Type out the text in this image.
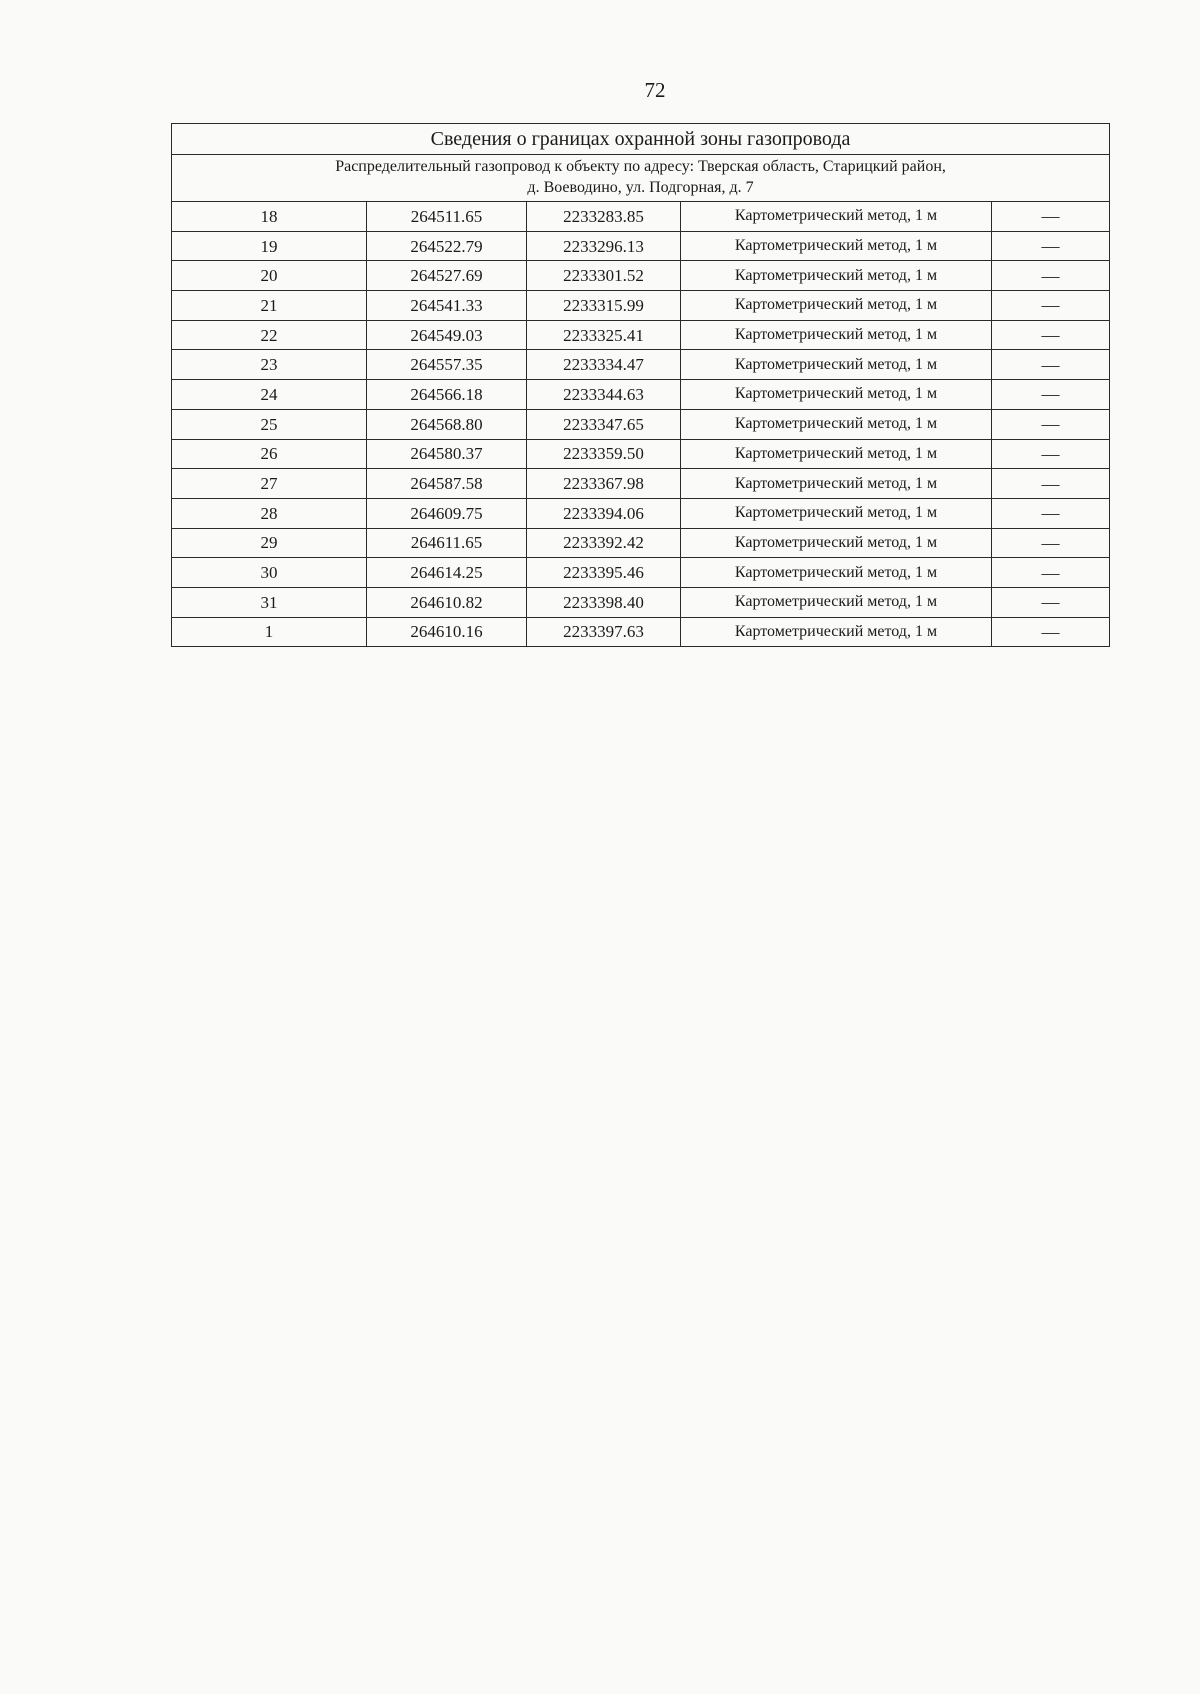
72
Сведения о границах охранной зоны газопровода				

Распределительный газопровод к объекту по адресу: Тверская область, Старицкий район,
д. Воеводино, ул. Подгорная, д. 7				

18	264511.65	2233283.85	Картометрический метод, 1 м	—
19	264522.79	2233296.13	Картометрический метод, 1 м	—
20	264527.69	2233301.52	Картометрический метод, 1 м	—
21	264541.33	2233315.99	Картометрический метод, 1 м	—
22	264549.03	2233325.41	Картометрический метод, 1 м	—
23	264557.35	2233334.47	Картометрический метод, 1 м	—
24	264566.18	2233344.63	Картометрический метод, 1 м	—
25	264568.80	2233347.65	Картометрический метод, 1 м	—
26	264580.37	2233359.50	Картометрический метод, 1 м	—
27	264587.58	2233367.98	Картометрический метод, 1 м	—
28	264609.75	2233394.06	Картометрический метод, 1 м	—
29	264611.65	2233392.42	Картометрический метод, 1 м	—
30	264614.25	2233395.46	Картометрический метод, 1 м	—
31	264610.82	2233398.40	Картометрический метод, 1 м	—
1	264610.16	2233397.63	Картометрический метод, 1 м	—
